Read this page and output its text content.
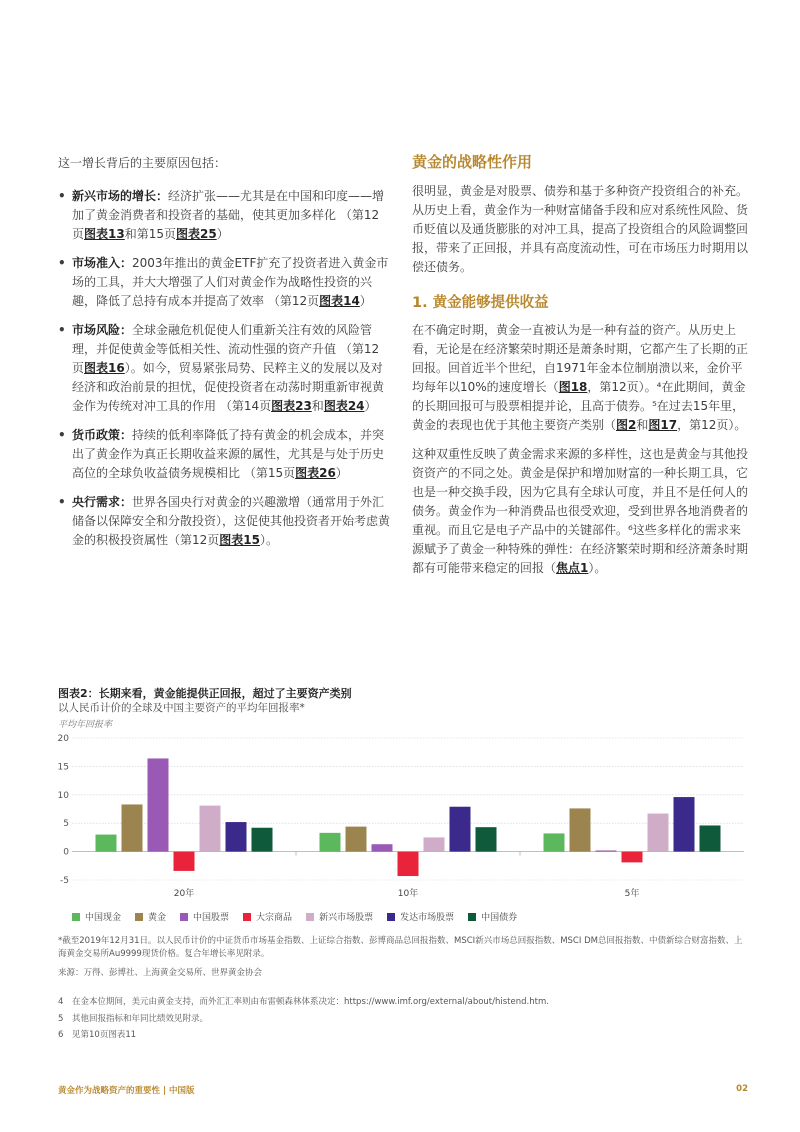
这一增长背后的主要原因包括：

• 新兴市场的增长：经济扩张——尤其是在中国和印度——增加了黄金消费者和投资者的基础，使其更加多样化 （第12页图表13和第15页图表25）
• 市场准入：2003年推出的黄金ETF扩充了投资者进入黄金市场的工具，并大大增强了人们对黄金作为战略性投资的兴趣，降低了总持有成本并提高了效率 （第12页图表14）
• 市场风险：全球金融危机促使人们重新关注有效的风险管理，并促使黄金等低相关性、流动性强的资产升值 （第12页图表16）。如今，贸易紧张局势、民粹主义的发展以及对经济和政治前景的担忧，促使投资者在动荡时期重新审视黄金作为传统对冲工具的作用 （第14页图表23和图表24）
• 货币政策：持续的低利率降低了持有黄金的机会成本，并突出了黄金作为真正长期收益来源的属性，尤其是与处于历史高位的全球负收益债务规模相比 （第15页图表26）
• 央行需求：世界各国央行对黄金的兴趣激增（通常用于外汇储备以保障安全和分散投资），这促使其他投资者开始考虑黄金的积极投资属性（第12页图表15）。
黄金的战略性作用

很明显，黄金是对股票、债券和基于多种资产投资组合的补充。从历史上看，黄金作为一种财富储备手段和应对系统性风险、货币贬值以及通货膨胀的对冲工具，提高了投资组合的风险调整回报，带来了正回报，并具有高度流动性，可在市场压力时期用以偿还债务。

1. 黄金能够提供收益

在不确定时期，黄金一直被认为是一种有益的资产。从历史上看，无论是在经济繁荣时期还是萧条时期，它都产生了长期的正回报。回首近半个世纪，自1971年金本位制崩溃以来，金价平均每年以10%的速度增长（图18，第12页）。⁴在此期间，黄金的长期回报可与股票相提并论，且高于债券。⁵在过去15年里，黄金的表现也优于其他主要资产类别（图2和图17，第12页）。

这种双重性反映了黄金需求来源的多样性，这也是黄金与其他投资资产的不同之处。黄金是保护和增加财富的一种长期工具，它也是一种交换手段，因为它具有全球认可度，并且不是任何人的债务。黄金作为一种消费品也很受欢迎，受到世界各地消费者的重视。而且它是电子产品中的关键部件。⁶这些多样化的需求来源赋予了黄金一种特殊的弹性：在经济繁荣时期和经济萧条时期都有可能带来稳定的回报（焦点1）。

图表2：长期来看，黄金能提供正回报，超过了主要资产类别
以人民币计价的全球及中国主要资产的平均年回报率*
平均年回报率
-5
0
5
10
15
20
20年	10年	5年
中国现金	黄金	中国股票	大宗商品	新兴市场股票	发达市场股票	中国债券
*截至2019年12月31日。以人民币计价的中证货币市场基金指数、上证综合指数、彭博商品总回报指数、MSCI新兴市场总回报指数、MSCI DM总回报指数、中债新综合财富指数、上海黄金交易所Au9999现货价格。复合年增长率见附录。
来源：万得、彭博社、上海黄金交易所、世界黄金协会
4	在金本位期间，美元由黄金支持，而外汇汇率则由布雷顿森林体系决定：https://www.imf.org/external/about/histend.htm.
5	其他回报指标和年同比绩效见附录。
6	见第10页图表11
黄金作为战略资产的重要性 | 中国版	02
